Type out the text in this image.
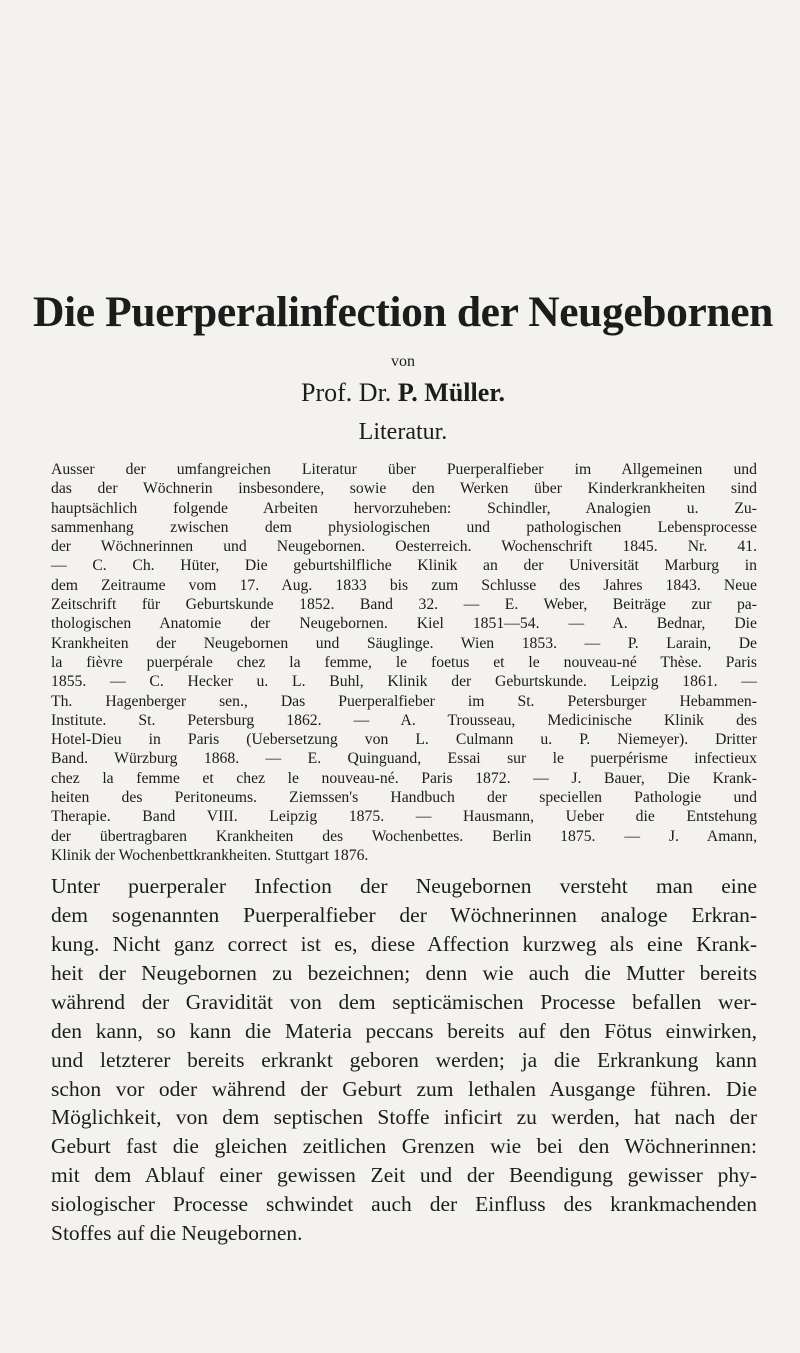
Die Puerperalinfection der Neugebornen
von
Prof. Dr. P. Müller.
Literatur.
Ausser der umfangreichen Literatur über Puerperalfieber im Allgemeinen und
das der Wöchnerin insbesondere, sowie den Werken über Kinderkrankheiten sind
hauptsächlich folgende Arbeiten hervorzuheben: Schindler, Analogien u. Zu-
sammenhang zwischen dem physiologischen und pathologischen Lebensprocesse
der Wöchnerinnen und Neugebornen. Oesterreich. Wochenschrift 1845. Nr. 41.
— C. Ch. Hüter, Die geburtshilfliche Klinik an der Universität Marburg in
dem Zeitraume vom 17. Aug. 1833 bis zum Schlusse des Jahres 1843. Neue
Zeitschrift für Geburtskunde 1852. Band 32. — E. Weber, Beiträge zur pa-
thologischen Anatomie der Neugebornen. Kiel 1851—54. — A. Bednar, Die
Krankheiten der Neugebornen und Säuglinge. Wien 1853. — P. Larain, De
la fièvre puerpérale chez la femme, le foetus et le nouveau-né Thèse. Paris
1855. — C. Hecker u. L. Buhl, Klinik der Geburtskunde. Leipzig 1861. —
Th. Hagenberger sen., Das Puerperalfieber im St. Petersburger Hebammen-
Institute. St. Petersburg 1862. — A. Trousseau, Medicinische Klinik des
Hotel-Dieu in Paris (Uebersetzung von L. Culmann u. P. Niemeyer). Dritter
Band. Würzburg 1868. — E. Quinguand, Essai sur le puerpérisme infectieux
chez la femme et chez le nouveau-né. Paris 1872. — J. Bauer, Die Krank-
heiten des Peritoneums. Ziemssen's Handbuch der speciellen Pathologie und
Therapie. Band VIII. Leipzig 1875. — Hausmann, Ueber die Entstehung
der übertragbaren Krankheiten des Wochenbettes. Berlin 1875. — J. Amann,
Klinik der Wochenbettkrankheiten. Stuttgart 1876.
Unter puerperaler Infection der Neugebornen versteht man eine
dem sogenannten Puerperalfieber der Wöchnerinnen analoge Erkran-
kung. Nicht ganz correct ist es, diese Affection kurzweg als eine Krank-
heit der Neugebornen zu bezeichnen; denn wie auch die Mutter bereits
während der Gravidität von dem septicämischen Processe befallen wer-
den kann, so kann die Materia peccans bereits auf den Fötus einwirken,
und letzterer bereits erkrankt geboren werden; ja die Erkrankung kann
schon vor oder während der Geburt zum lethalen Ausgange führen. Die
Möglichkeit, von dem septischen Stoffe inficirt zu werden, hat nach der
Geburt fast die gleichen zeitlichen Grenzen wie bei den Wöchnerinnen:
mit dem Ablauf einer gewissen Zeit und der Beendigung gewisser phy-
siologischer Processe schwindet auch der Einfluss des krankmachenden
Stoffes auf die Neugebornen.
